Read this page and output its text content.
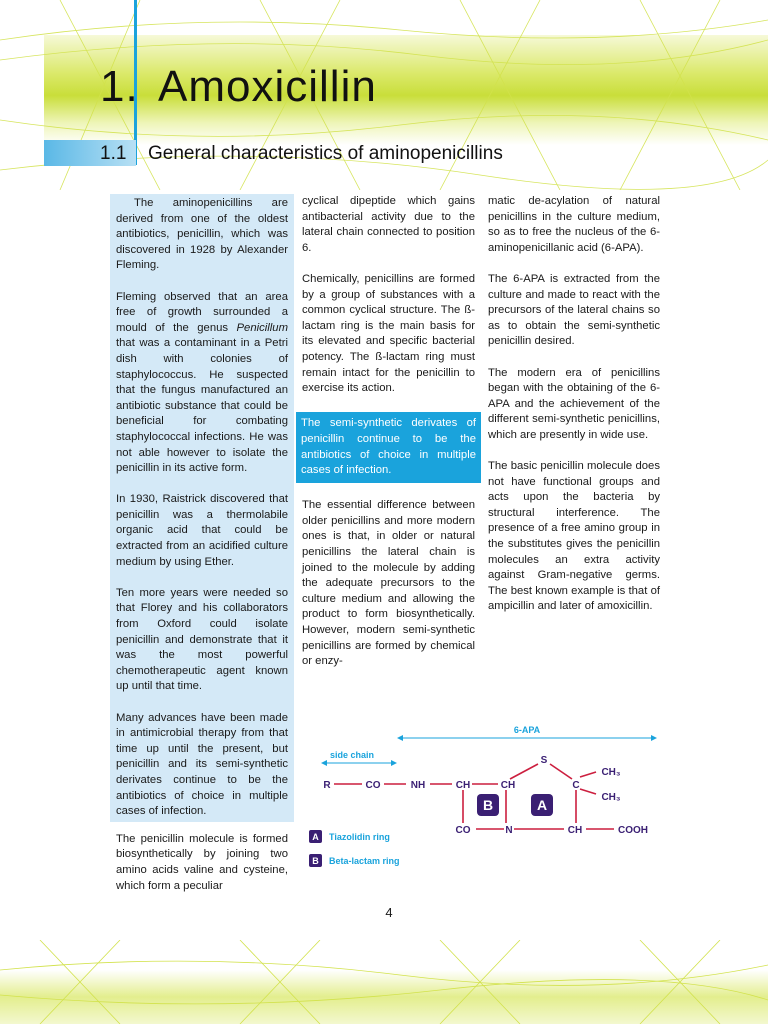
1. Amoxicillin
1.1 General characteristics of aminopenicillins

The aminopenicillins are derived from one of the oldest antibiotics, penicillin, which was discovered in 1928 by Alexander Fleming.

Fleming observed that an area free of growth surrounded a mould of the genus Penicillum that was a contaminant in a Petri dish with colonies of staphylococcus. He suspected that the fungus manufactured an antibiotic substance that could be beneficial for combating staphylococcal infections. He was not able however to isolate the penicillin in its active form.

In 1930, Raistrick discovered that penicillin was a thermolabile organic acid that could be extracted from an acidified culture medium by using Ether.

Ten more years were needed so that Florey and his collaborators from Oxford could isolate penicillin and demonstrate that it was the most powerful chemotherapeutic agent known up until that time.

Many advances have been made in antimicrobial therapy from that time up until the present, but penicillin and its semi-synthetic derivates continue to be the antibiotics of choice in multiple cases of infection.

The penicillin molecule is formed biosynthetically by joining two amino acids valine and cysteine, which form a peculiar

cyclical dipeptide which gains antibacterial activity due to the lateral chain connected to position 6.

Chemically, penicillins are formed by a group of substances with a common cyclical structure. The ß-lactam ring is the main basis for its elevated and specific bacterial potency. The ß-lactam ring must remain intact for the penicillin to exercise its action.

The semi-synthetic derivates of penicillin continue to be the antibiotics of choice in multiple cases of infection.

The essential difference between older penicillins and more modern ones is that, in older or natural penicillins the lateral chain is joined to the molecule by adding the adequate precursors to the culture medium and allowing the product to form biosynthetically. However, modern semi-synthetic penicillins are formed by chemical or enzy-

matic de-acylation of natural penicillins in the culture medium, so as to free the nucleus of the 6-aminopenicillanic acid (6-APA).

The 6-APA is extracted from the culture and made to react with the precursors of the lateral chains so as to obtain the semi-synthetic penicillin desired.

The modern era of penicillins began with the obtaining of the 6-APA and the achievement of the different semi-synthetic penicillins, which are presently in wide use.

The basic penicillin molecule does not have functional groups and acts upon the bacteria by structural interference. The presence of a free amino group in the substitutes gives the penicillin molecules an extra activity against Gram-negative germs. The best known example is that of ampicillin and later of amoxicillin.

6-APA
side chain
R	CO	NH	CH	CH
S
C
CH₃
CH₃
CO	N	CH	COOH
B	A
A Tiazolidin ring
B Beta-lactam ring
4
